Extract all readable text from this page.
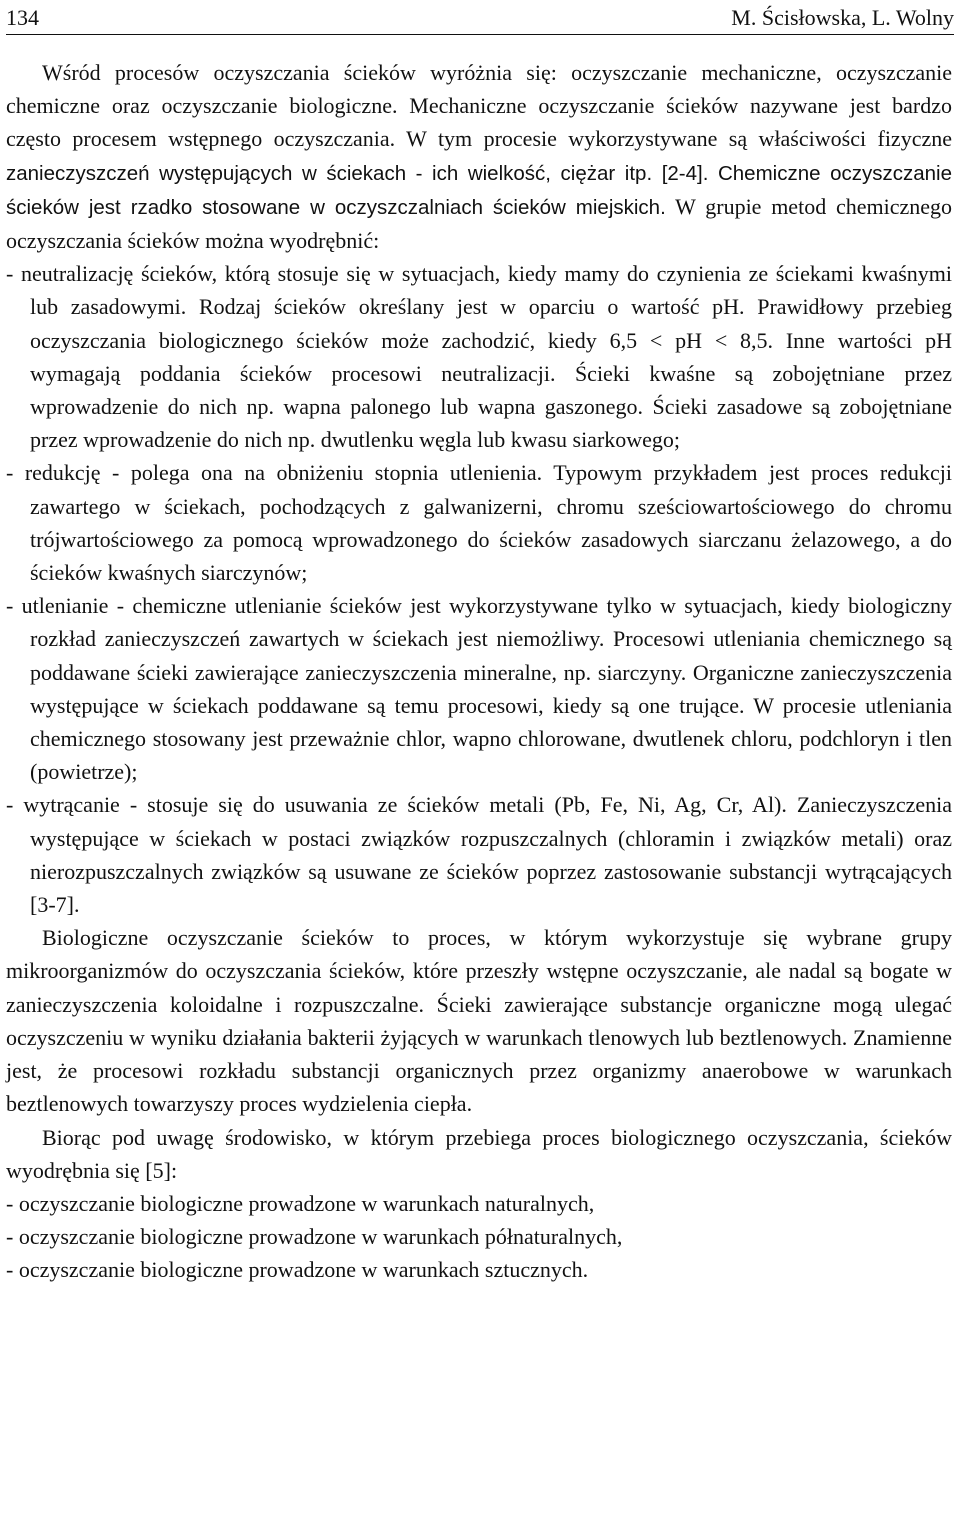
134	M. Ścisłowska, L. Wolny

Wśród procesów oczyszczania ścieków wyróżnia się: oczyszczanie mechaniczne, oczyszczanie chemiczne oraz oczyszczanie biologiczne. Mechaniczne oczyszczanie ścieków nazywane jest bardzo często procesem wstępnego oczyszczania. W tym procesie wykorzystywane są właściwości fizyczne zanieczyszczeń występujących w ściekach - ich wielkość, ciężar itp. [2-4]. Chemiczne oczyszczanie ścieków jest rzadko stosowane w oczyszczalniach ścieków miejskich. W grupie metod chemicznego oczyszczania ścieków można wyodrębnić:

- neutralizację ścieków, którą stosuje się w sytuacjach, kiedy mamy do czynienia ze ściekami kwaśnymi lub zasadowymi. Rodzaj ścieków określany jest w oparciu o wartość pH. Prawidłowy przebieg oczyszczania biologicznego ścieków może zachodzić, kiedy 6,5 < pH < 8,5. Inne wartości pH wymagają poddania ścieków procesowi neutralizacji. Ścieki kwaśne są zobojętniane przez wprowadzenie do nich np. wapna palonego lub wapna gaszonego. Ścieki zasadowe są zobojętniane przez wprowadzenie do nich np. dwutlenku węgla lub kwasu siarkowego;

- redukcję - polega ona na obniżeniu stopnia utlenienia. Typowym przykładem jest proces redukcji zawartego w ściekach, pochodzących z galwanizerni, chromu sześciowartościowego do chromu trójwartościowego za pomocą wprowadzonego do ścieków zasadowych siarczanu żelazowego, a do ścieków kwaśnych siarczynów;

- utlenianie - chemiczne utlenianie ścieków jest wykorzystywane tylko w sytuacjach, kiedy biologiczny rozkład zanieczyszczeń zawartych w ściekach jest niemożliwy. Procesowi utleniania chemicznego są poddawane ścieki zawierające zanieczyszczenia mineralne, np. siarczyny. Organiczne zanieczyszczenia występujące w ściekach poddawane są temu procesowi, kiedy są one trujące. W procesie utleniania chemicznego stosowany jest przeważnie chlor, wapno chlorowane, dwutlenek chloru, podchloryn i tlen (powietrze);

- wytrącanie - stosuje się do usuwania ze ścieków metali (Pb, Fe, Ni, Ag, Cr, Al). Zanieczyszczenia występujące w ściekach w postaci związków rozpuszczalnych (chloramin i związków metali) oraz nierozpuszczalnych związków są usuwane ze ścieków poprzez zastosowanie substancji wytrącających [3-7].

Biologiczne oczyszczanie ścieków to proces, w którym wykorzystuje się wybrane grupy mikroorganizmów do oczyszczania ścieków, które przeszły wstępne oczyszczanie, ale nadal są bogate w zanieczyszczenia koloidalne i rozpuszczalne. Ścieki zawierające substancje organiczne mogą ulegać oczyszczeniu w wyniku działania bakterii żyjących w warunkach tlenowych lub beztlenowych. Znamienne jest, że procesowi rozkładu substancji organicznych przez organizmy anaerobowe w warunkach beztlenowych towarzyszy proces wydzielenia ciepła.

Biorąc pod uwagę środowisko, w którym przebiega proces biologicznego oczyszczania, ścieków wyodrębnia się [5]:

- oczyszczanie biologiczne prowadzone w warunkach naturalnych,

- oczyszczanie biologiczne prowadzone w warunkach półnaturalnych,

- oczyszczanie biologiczne prowadzone w warunkach sztucznych.
